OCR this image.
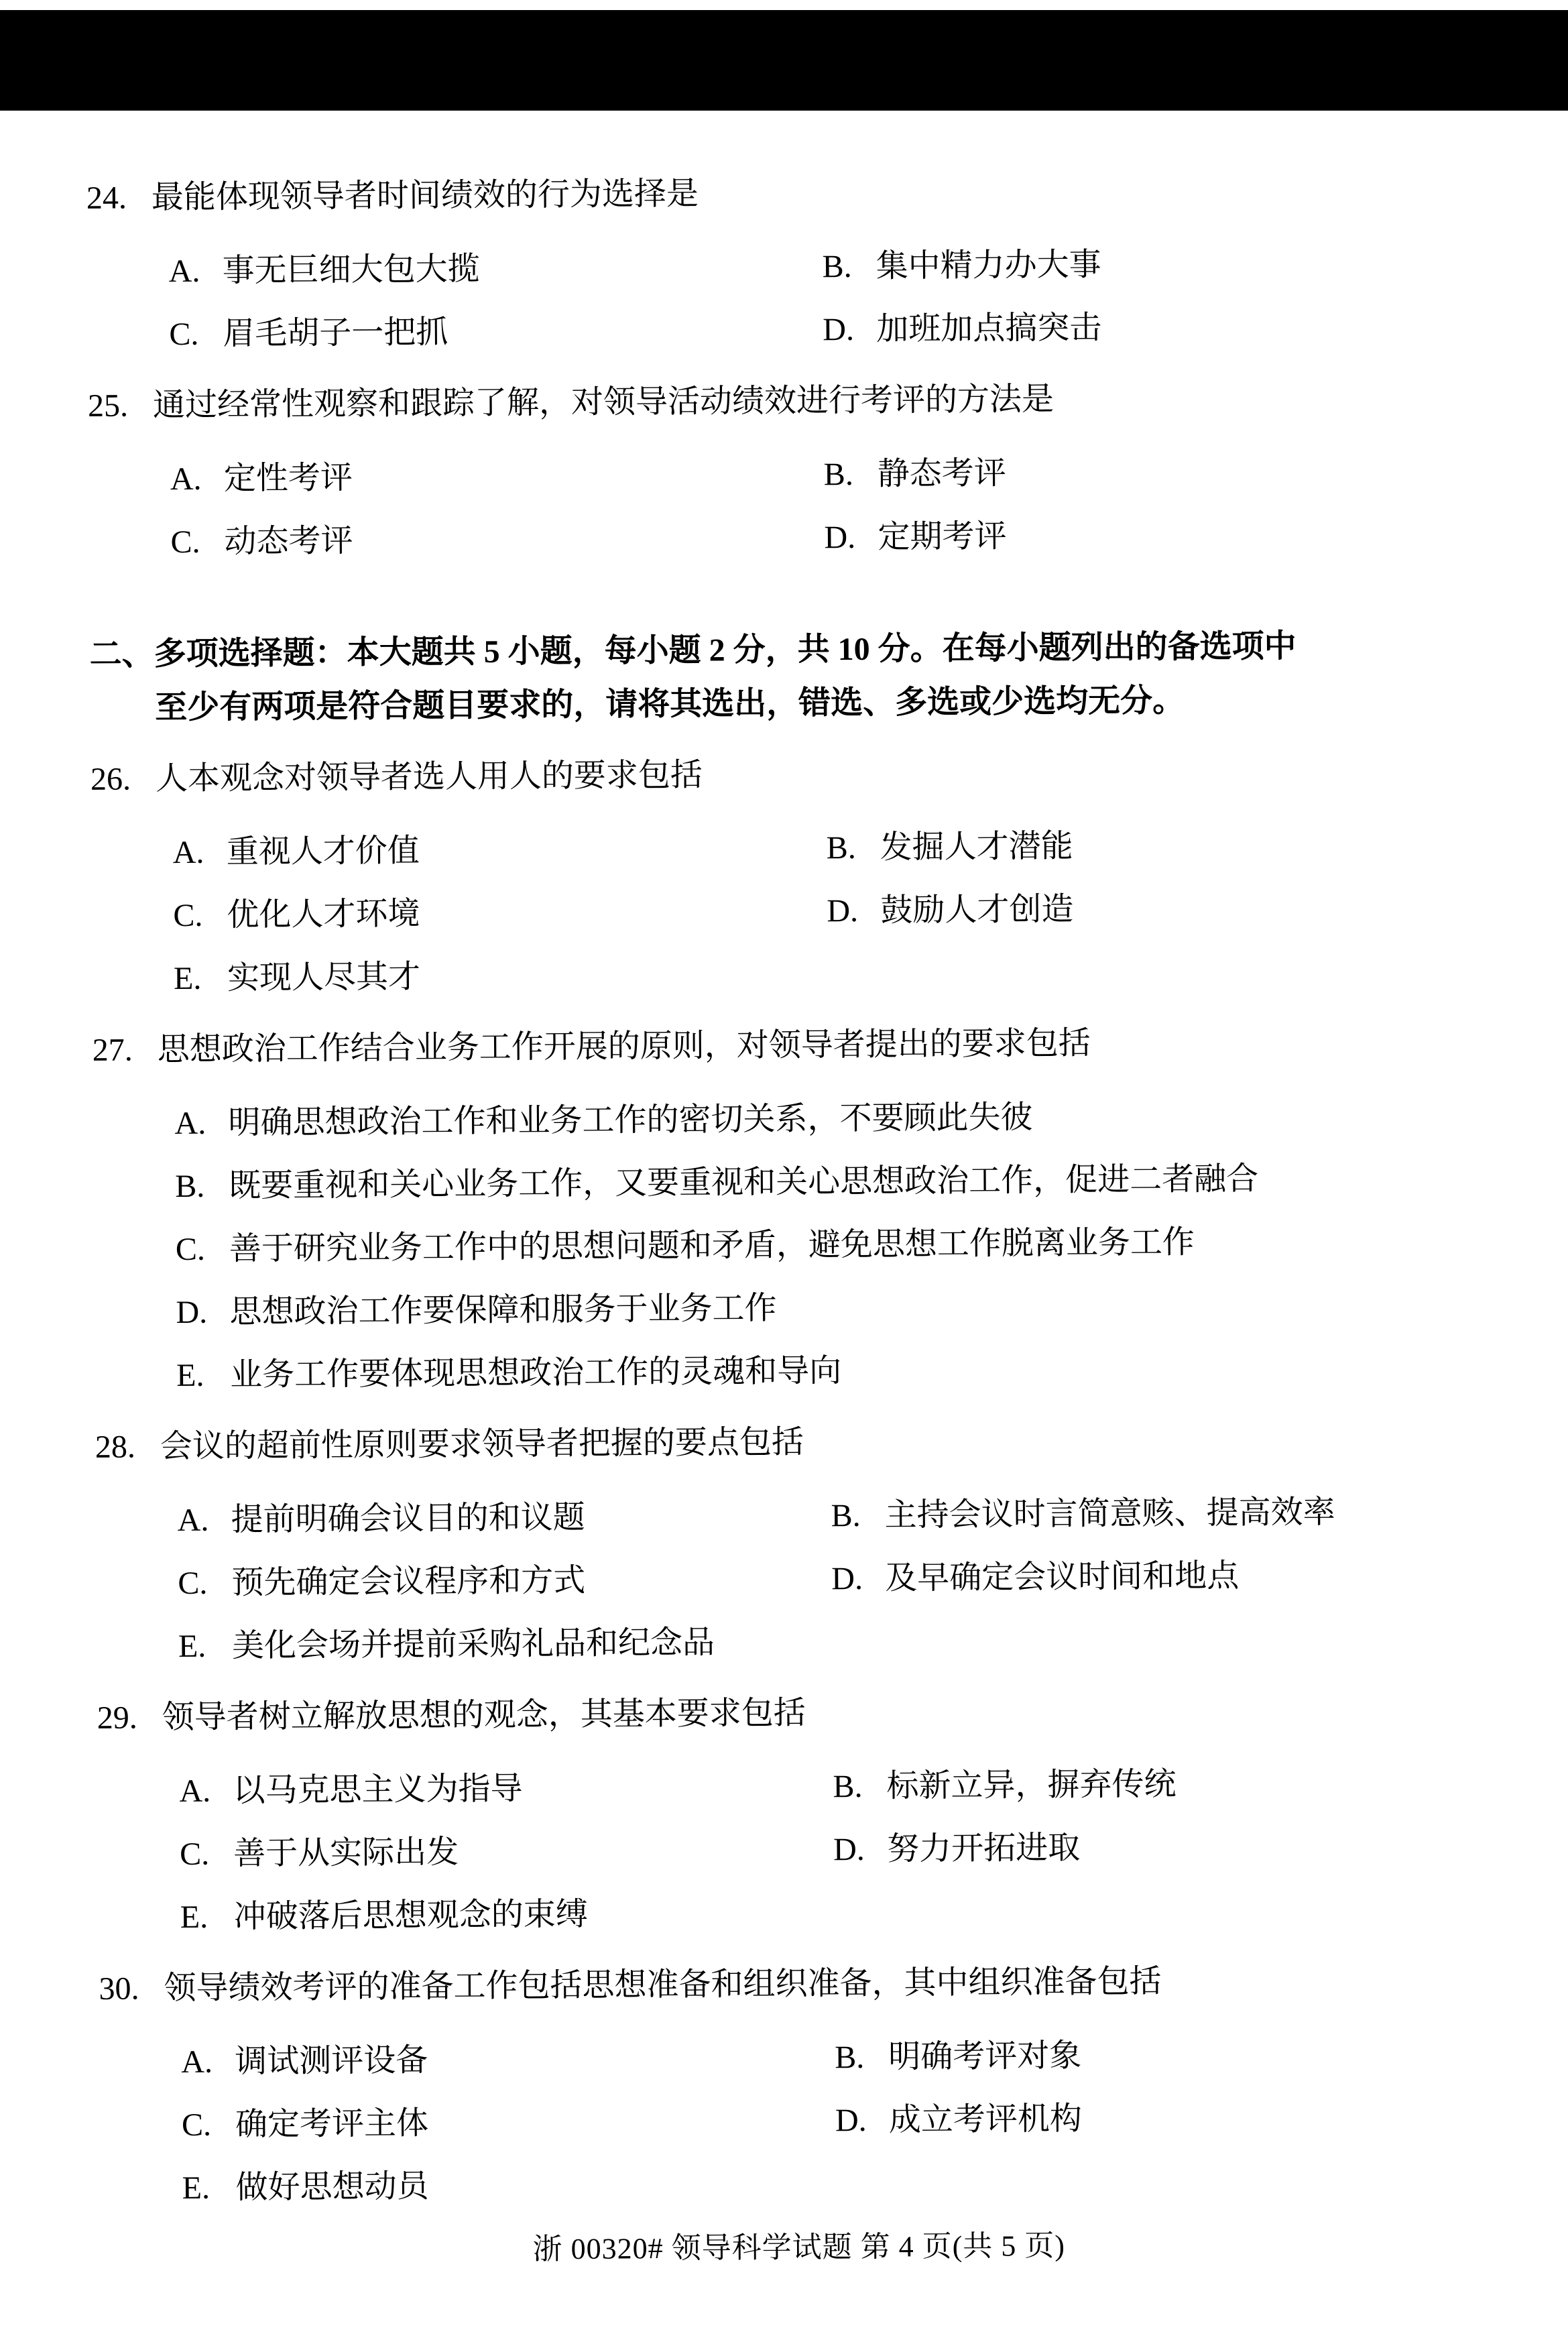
24. 最能体现领导者时间绩效的行为选择是
A. 事无巨细大包大揽	B. 集中精力办大事
C. 眉毛胡子一把抓	D. 加班加点搞突击
25. 通过经常性观察和跟踪了解，对领导活动绩效进行考评的方法是
A. 定性考评	B. 静态考评
C. 动态考评	D. 定期考评
二、多项选择题：本大题共 5 小题，每小题 2 分，共 10 分。在每小题列出的备选项中
至少有两项是符合题目要求的，请将其选出，错选、多选或少选均无分。
26. 人本观念对领导者选人用人的要求包括
A. 重视人才价值	B. 发掘人才潜能
C. 优化人才环境	D. 鼓励人才创造
E. 实现人尽其才
27. 思想政治工作结合业务工作开展的原则，对领导者提出的要求包括
A. 明确思想政治工作和业务工作的密切关系，不要顾此失彼
B. 既要重视和关心业务工作，又要重视和关心思想政治工作，促进二者融合
C. 善于研究业务工作中的思想问题和矛盾，避免思想工作脱离业务工作
D. 思想政治工作要保障和服务于业务工作
E. 业务工作要体现思想政治工作的灵魂和导向
28. 会议的超前性原则要求领导者把握的要点包括
A. 提前明确会议目的和议题	B. 主持会议时言简意赅、提高效率
C. 预先确定会议程序和方式	D. 及早确定会议时间和地点
E. 美化会场并提前采购礼品和纪念品
29. 领导者树立解放思想的观念，其基本要求包括
A. 以马克思主义为指导	B. 标新立异，摒弃传统
C. 善于从实际出发	D. 努力开拓进取
E. 冲破落后思想观念的束缚
30. 领导绩效考评的准备工作包括思想准备和组织准备，其中组织准备包括
A. 调试测评设备	B. 明确考评对象
C. 确定考评主体	D. 成立考评机构
E. 做好思想动员
浙 00320# 领导科学试题 第 4 页(共 5 页)
